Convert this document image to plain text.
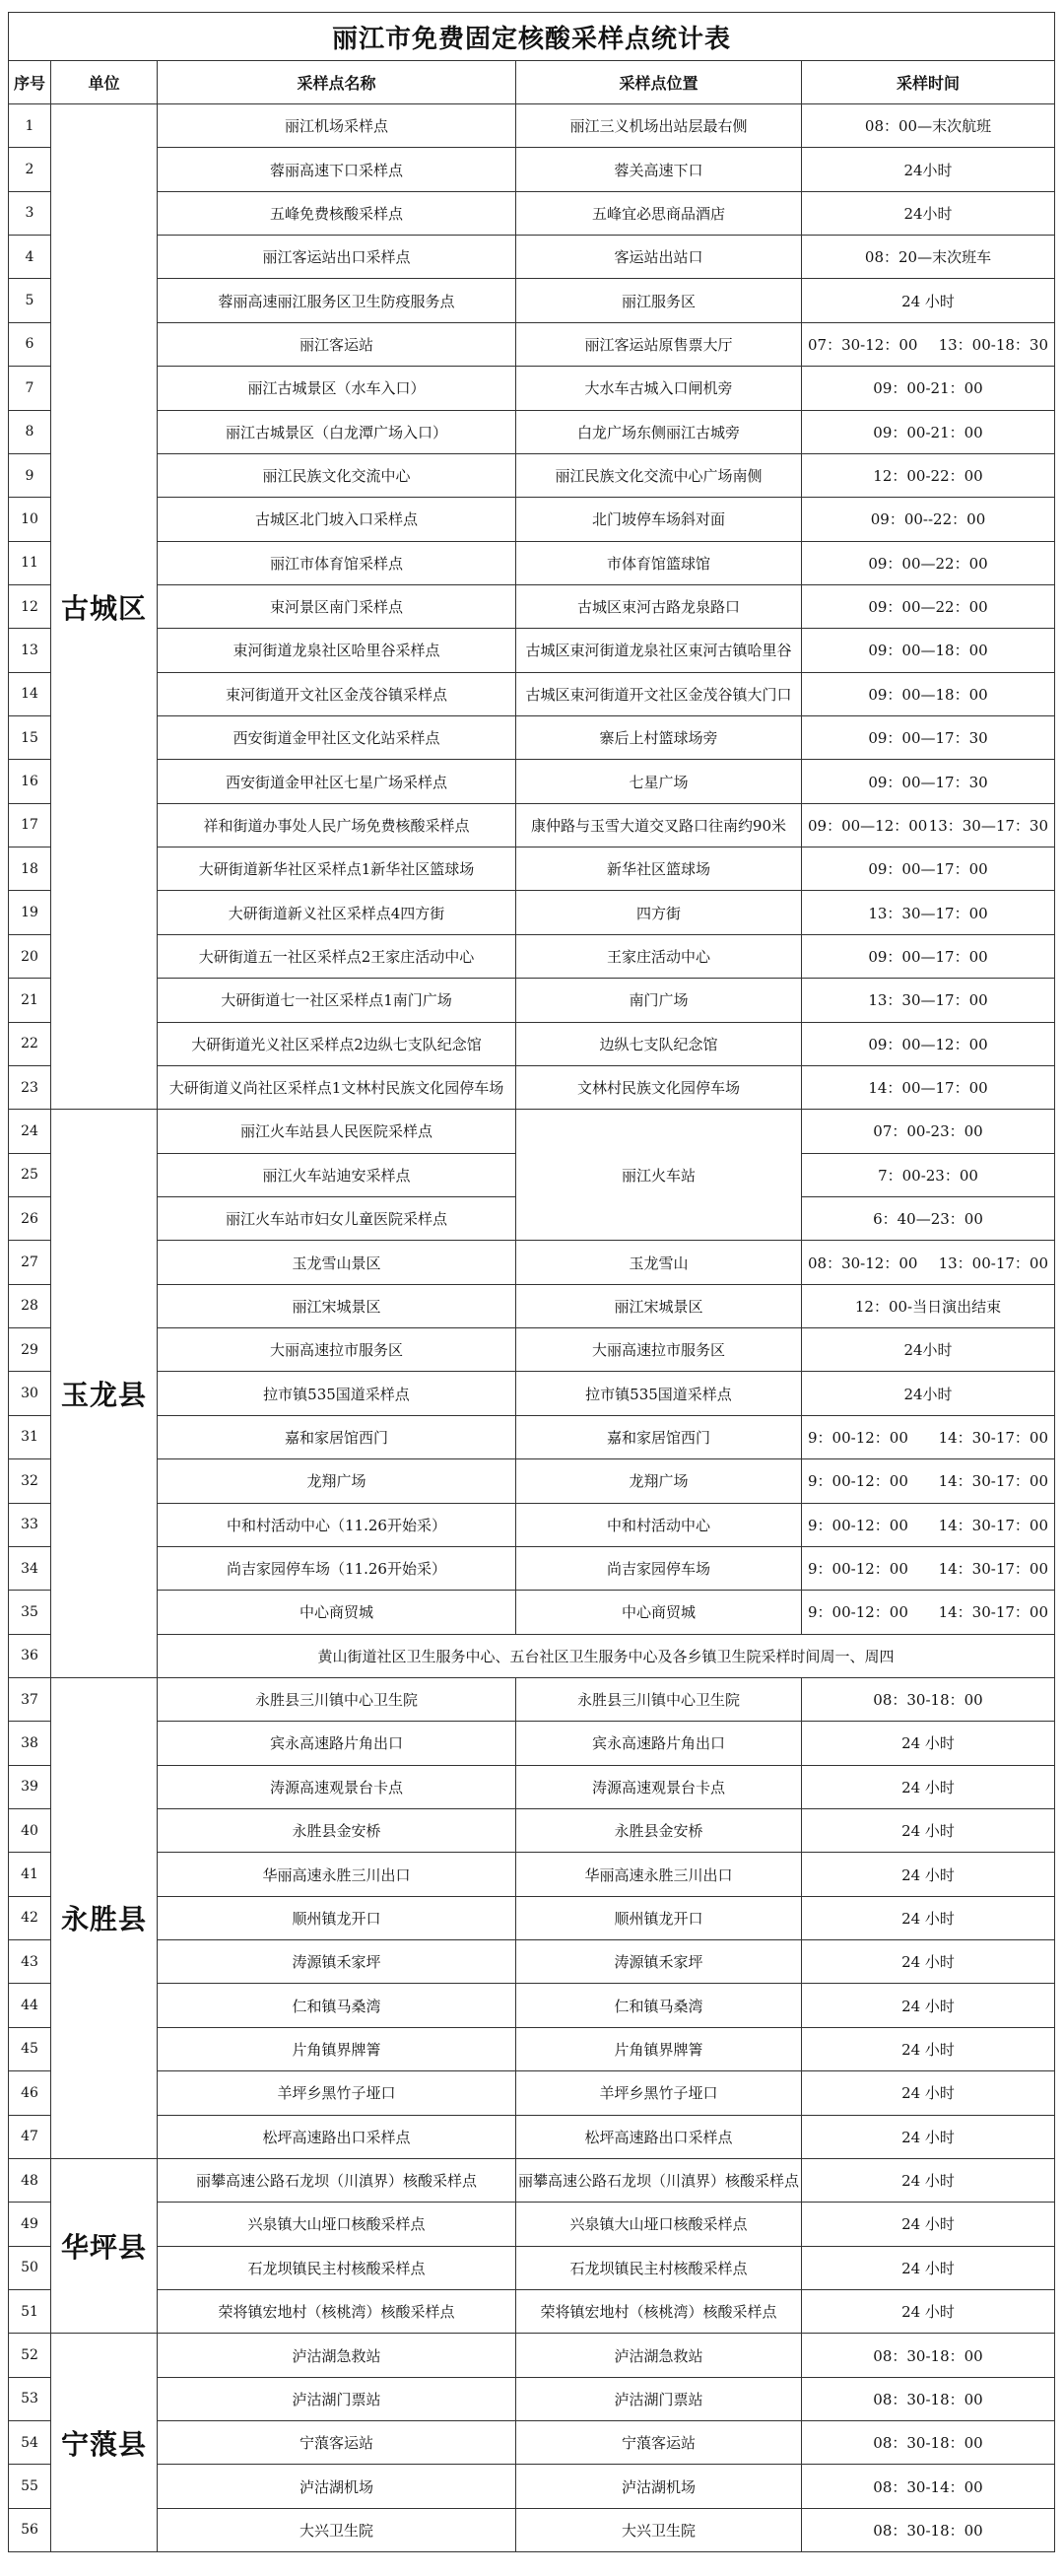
丽江市免费固定核酸采样点统计表				
序号	单位	采样点名称	采样点位置	采样时间
1	古城区	丽江机场采样点	丽江三义机场出站层最右侧	08：00—末次航班
2		蓉丽高速下口采样点	蓉关高速下口	24小时
3		五峰免费核酸采样点	五峰宜必思商品酒店	24小时
4		丽江客运站出口采样点	客运站出站口	08：20—末次班车
5		蓉丽高速丽江服务区卫生防疫服务点	丽江服务区	24 小时
6		丽江客运站	丽江客运站原售票大厅	07：30-12：00 13：00-18：30

7		丽江古城景区（水车入口）	大水车古城入口闸机旁	09：00-21：00
8		丽江古城景区（白龙潭广场入口）	白龙广场东侧丽江古城旁	09：00-21：00
9		丽江民族文化交流中心	丽江民族文化交流中心广场南侧	12：00-22：00
10		古城区北门坡入口采样点	北门坡停车场斜对面	09：00--22：00
11		丽江市体育馆采样点	市体育馆篮球馆	09：00—22：00
12		束河景区南门采样点	古城区束河古路龙泉路口	09：00—22：00
13		束河街道龙泉社区哈里谷采样点	古城区束河街道龙泉社区束河古镇哈里谷	09：00—18：00
14		束河街道开文社区金茂谷镇采样点	古城区束河街道开文社区金茂谷镇大门口	09：00—18：00
15		西安街道金甲社区文化站采样点	寨后上村篮球场旁	09：00—17：30
16		西安街道金甲社区七星广场采样点	七星广场	09：00—17：30
17		祥和街道办事处人民广场免费核酸采样点	康仲路与玉雪大道交叉路口往南约90米	09：00—12：00 13：30—17：30

18		大研街道新华社区采样点1新华社区篮球场	新华社区篮球场	09：00—17：00
19		大研街道新义社区采样点4四方街	四方街	13：30—17：00
20		大研街道五一社区采样点2王家庄活动中心	王家庄活动中心	09：00—17：00
21		大研街道七一社区采样点1南门广场	南门广场	13：30—17：00
22		大研街道光义社区采样点2边纵七支队纪念馆	边纵七支队纪念馆	09：00—12：00
23		大研街道义尚社区采样点1文林村民族文化园停车场	文林村民族文化园停车场	14：00—17：00
24	玉龙县	丽江火车站县人民医院采样点	丽江火车站	07：00-23：00
25		丽江火车站迪安采样点		7：00-23：00
26		丽江火车站市妇女儿童医院采样点		6：40—23：00
27		玉龙雪山景区	玉龙雪山	08：30-12：00 13：00-17：00

28		丽江宋城景区	丽江宋城景区	12：00-当日演出结束
29		大丽高速拉市服务区	大丽高速拉市服务区	24小时
30		拉市镇535国道采样点	拉市镇535国道采样点	24小时
31		嘉和家居馆西门	嘉和家居馆西门	9：00-12：00 14：30-17：00

32		龙翔广场	龙翔广场	9：00-12：00 14：30-17：00

33		中和村活动中心（11.26开始采）	中和村活动中心	9：00-12：00 14：30-17：00

34		尚吉家园停车场（11.26开始采）	尚吉家园停车场	9：00-12：00 14：30-17：00

35		中心商贸城	中心商贸城	9：00-12：00 14：30-17：00

36		黄山街道社区卫生服务中心、五台社区卫生服务中心及各乡镇卫生院采样时间周一、周四		
37	永胜县	永胜县三川镇中心卫生院	永胜县三川镇中心卫生院	08：30-18：00
38		宾永高速路片角出口	宾永高速路片角出口	24 小时
39		涛源高速观景台卡点	涛源高速观景台卡点	24 小时
40		永胜县金安桥	永胜县金安桥	24 小时
41		华丽高速永胜三川出口	华丽高速永胜三川出口	24 小时
42		顺州镇龙开口	顺州镇龙开口	24 小时
43		涛源镇禾家坪	涛源镇禾家坪	24 小时
44		仁和镇马桑湾	仁和镇马桑湾	24 小时
45		片角镇界牌箐	片角镇界牌箐	24 小时
46		羊坪乡黑竹子垭口	羊坪乡黑竹子垭口	24 小时
47		松坪高速路出口采样点	松坪高速路出口采样点	24 小时
48	华坪县	丽攀高速公路石龙坝（川滇界）核酸采样点	丽攀高速公路石龙坝（川滇界）核酸采样点	24 小时
49		兴泉镇大山垭口核酸采样点	兴泉镇大山垭口核酸采样点	24 小时
50		石龙坝镇民主村核酸采样点	石龙坝镇民主村核酸采样点	24 小时
51		荣将镇宏地村（核桃湾）核酸采样点	荣将镇宏地村（核桃湾）核酸采样点	24 小时
52	宁蒗县	泸沽湖急救站	泸沽湖急救站	08：30-18：00
53		泸沽湖门票站	泸沽湖门票站	08：30-18：00
54		宁蒗客运站	宁蒗客运站	08：30-18：00
55		泸沽湖机场	泸沽湖机场	08：30-14：00
56		大兴卫生院	大兴卫生院	08：30-18：00
